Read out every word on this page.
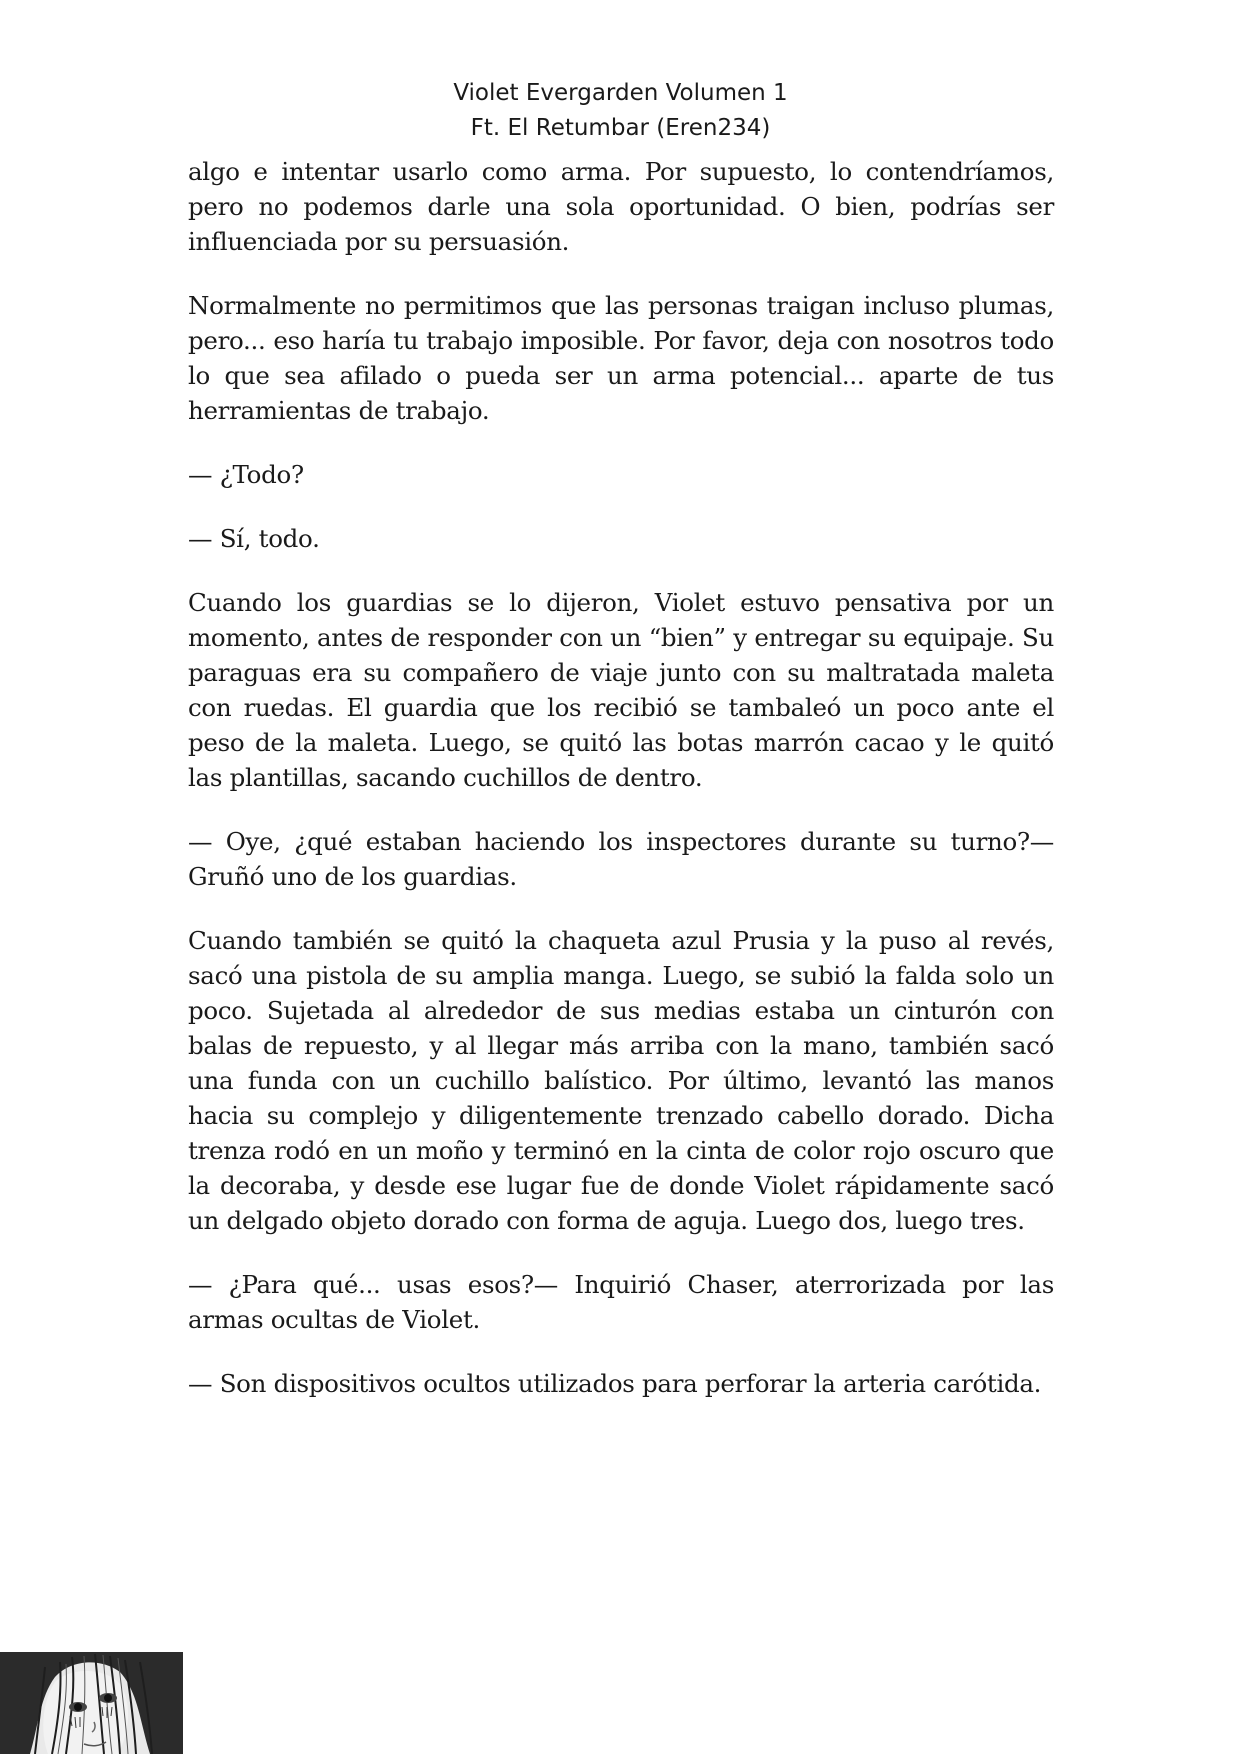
Violet Evergarden Volumen 1
Ft. El Retumbar (Eren234)

algo e intentar usarlo como arma. Por supuesto, lo contendríamos, pero no podemos darle una sola oportunidad. O bien, podrías ser influenciada por su persuasión.

Normalmente no permitimos que las personas traigan incluso plumas, pero... eso haría tu trabajo imposible. Por favor, deja con nosotros todo lo que sea afilado o pueda ser un arma potencial... aparte de tus herramientas de trabajo.

— ¿Todo?

— Sí, todo.

Cuando los guardias se lo dijeron, Violet estuvo pensativa por un momento, antes de responder con un “bien” y entregar su equipaje. Su paraguas era su compañero de viaje junto con su maltratada maleta con ruedas. El guardia que los recibió se tambaleó un poco ante el peso de la maleta. Luego, se quitó las botas marrón cacao y le quitó las plantillas, sacando cuchillos de dentro.

— Oye, ¿qué estaban haciendo los inspectores durante su turno?— Gruñó uno de los guardias.

Cuando también se quitó la chaqueta azul Prusia y la puso al revés, sacó una pistola de su amplia manga. Luego, se subió la falda solo un poco. Sujetada al alrededor de sus medias estaba un cinturón con balas de repuesto, y al llegar más arriba con la mano, también sacó una funda con un cuchillo balístico. Por último, levantó las manos hacia su complejo y diligentemente trenzado cabello dorado. Dicha trenza rodó en un moño y terminó en la cinta de color rojo oscuro que la decoraba, y desde ese lugar fue de donde Violet rápidamente sacó un delgado objeto dorado con forma de aguja. Luego dos, luego tres.

— ¿Para qué... usas esos?— Inquirió Chaser, aterrorizada por las armas ocultas de Violet.

— Son dispositivos ocultos utilizados para perforar la arteria carótida.
